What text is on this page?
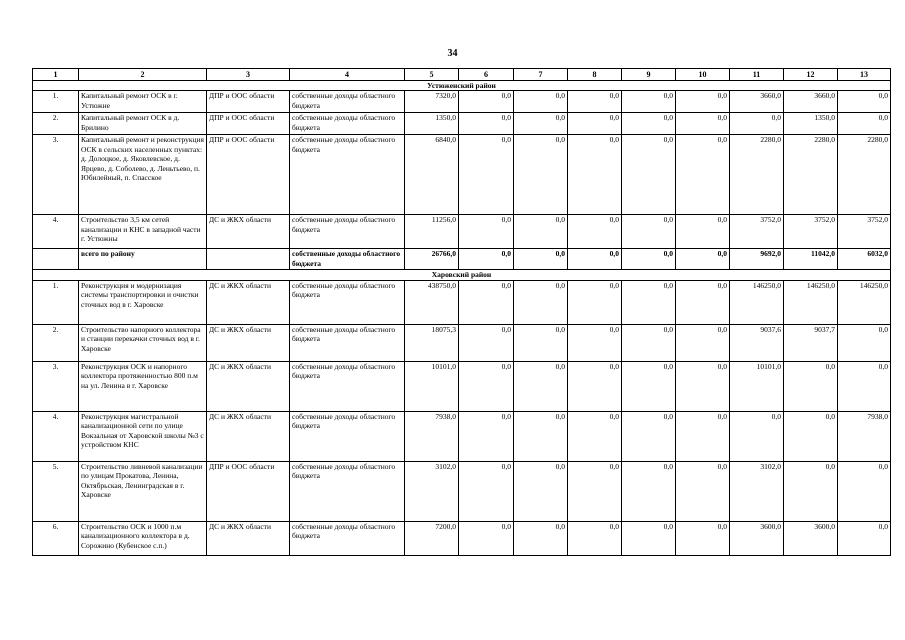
34
1	2	3	4	5	6	7	8	9	10	11	12	13
Устюженский район												
1.	Капитальный ремонт ОСК в г. Устюжне	ДПР и ООС области	собственные доходы областного бюджета	7320,0	0,0	0,0	0,0	0,0	0,0	3660,0	3660,0	0,0
2.	Капитальный ремонт ОСК в д. Брилино	ДПР и ООС области	собственные доходы областного бюджета	1350,0	0,0	0,0	0,0	0,0	0,0	0,0	1350,0	0,0
3.	Капитальный ремонт и реконструкция ОСК в сельских населенных пунктах: д. Долоцкое, д. Яковлевское, д. Ярцево, д. Соболево, д. Леньтьево, п. Юбилейный, п. Спасское	ДПР и ООС области	собственные доходы областного бюджета	6840,0	0,0	0,0	0,0	0,0	0,0	2280,0	2280,0	2280,0
4.	Строительство 3,5 км сетей канализации и КНС в западной части г. Устюжны	ДС и ЖКХ области	собственные доходы областного бюджета	11256,0	0,0	0,0	0,0	0,0	0,0	3752,0	3752,0	3752,0
	всего по району		собственные доходы областного бюджета	26766,0	0,0	0,0	0,0	0,0	0,0	9692,0	11042,0	6032,0
Харовский район												
1.	Реконструкция и модернизация системы транспортировки и очистки сточных вод в г. Харовске	ДС и ЖКХ области	собственные доходы областного бюджета	438750,0	0,0	0,0	0,0	0,0	0,0	146250,0	146250,0	146250,0
2.	Строительство напорного коллектора и станции перекачки сточных вод в г. Харовске	ДС и ЖКХ области	собственные доходы областного бюджета	18075,3	0,0	0,0	0,0	0,0	0,0	9037,6	9037,7	0,0
3.	Реконструкция ОСК и напорного коллектора протяженностью 800 п.м на ул. Ленина в г. Харовске	ДС и ЖКХ области	собственные доходы областного бюджета	10101,0	0,0	0,0	0,0	0,0	0,0	10101,0	0,0	0,0
4.	Реконструкция магистральной канализационной сети по улице Вокзальная от Харовской школы №3 с устройством КНС	ДС и ЖКХ области	собственные доходы областного бюджета	7938,0	0,0	0,0	0,0	0,0	0,0	0,0	0,0	7938,0
5.	Строительство ливневой канализации по улицам Прокатова, Ленина, Октябрьская, Ленинградская в г. Харовске	ДПР и ООС области	собственные доходы областного бюджета	3102,0	0,0	0,0	0,0	0,0	0,0	3102,0	0,0	0,0
6.	Строительство ОСК и 1000 п.м канализационного коллектора в д. Сорожино (Кубенское с.п.)	ДС и ЖКХ области	собственные доходы областного бюджета	7200,0	0,0	0,0	0,0	0,0	0,0	3600,0	3600,0	0,0
